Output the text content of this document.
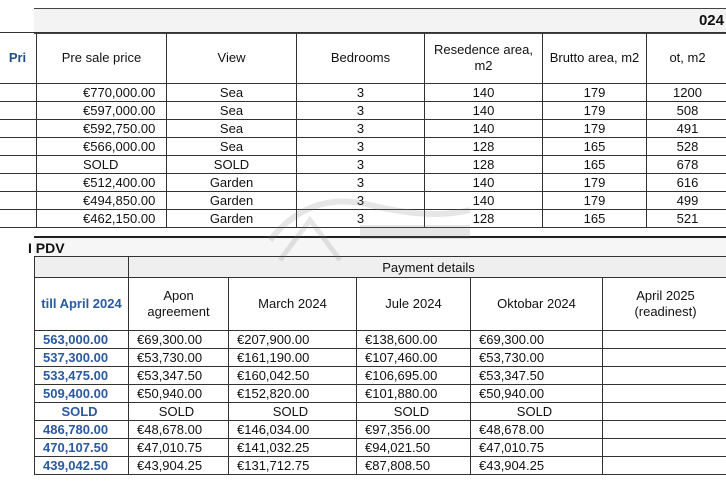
024
Pri	Pre sale price	View	Bedrooms	Resedence area, m2	Brutto area, m2	ot, m2
	€770,000.00	Sea	3	140	179	1200
	€597,000.00	Sea	3	140	179	508
	€592,750.00	Sea	3	140	179	491
	€566,000.00	Sea	3	128	165	528
	SOLD	SOLD	3	128	165	678
	€512,400.00	Garden	3	140	179	616
	€494,850.00	Garden	3	140	179	499
	€462,150.00	Garden	3	128	165	521
I PDV
	Payment details				
till April 2024	Apon agreement	March 2024	Jule 2024	Oktobar 2024	April 2025 (readinest)
563,000.00	€69,300.00	€207,900.00	€138,600.00	€69,300.00	
537,300.00	€53,730.00	€161,190.00	€107,460.00	€53,730.00	
533,475.00	€53,347.50	€160,042.50	€106,695.00	€53,347.50	
509,400.00	€50,940.00	€152,820.00	€101,880.00	€50,940.00	
SOLD	SOLD	SOLD	SOLD	SOLD	
486,780.00	€48,678.00	€146,034.00	€97,356.00	€48,678.00	
470,107.50	€47,010.75	€141,032.25	€94,021.50	€47,010.75	
439,042.50	€43,904.25	€131,712.75	€87,808.50	€43,904.25	
